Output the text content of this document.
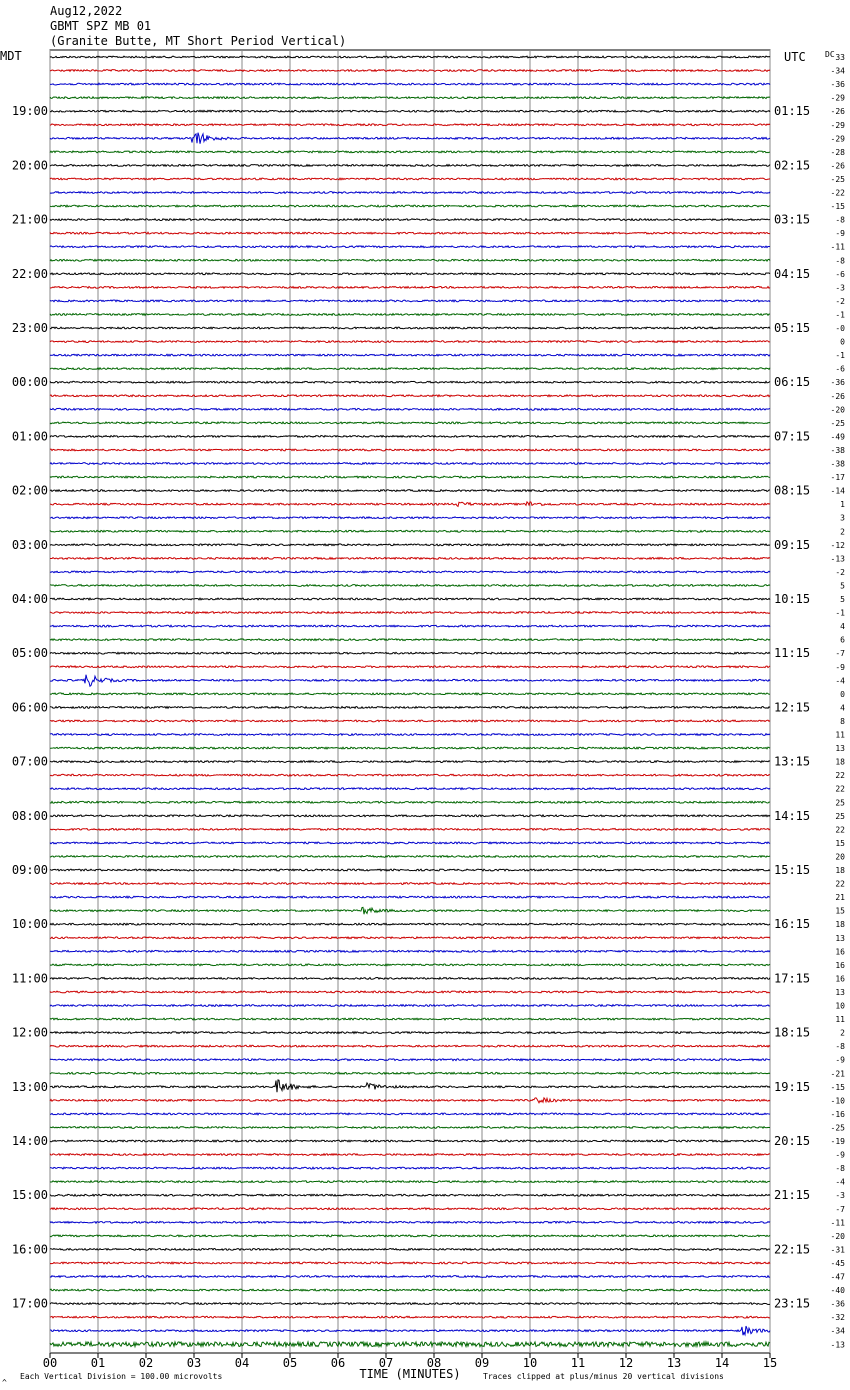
Aug12,2022
GBMT SPZ MB 01
(Granite Butte, MT Short Period Vertical)
33
-34
-36
-29
-26
-29
-29
-28
-26
-25
-22
-15
-8
-9
-11
-8
-6
-3
-2
-1
-0
0
-1
-6
-36
-26
-20
-25
-49
-38
-38
-17
-14
1
3
2
-12
-13
-2
5
5
-1
4
6
-7
-9
-4
0
4
8
11
13
18
22
22
25
25
22
15
20
18
22
21
15
18
13
16
16
16
13
10
11
2
-8
-9
-21
-15
-10
-16
-25
-19
-9
-8
-4
-3
-7
-11
-20
-31
-45
-47
-40
-36
-32
-34
-13
19:00
20:00
21:00
22:00
23:00
00:00
01:00
02:00
03:00
04:00
05:00
06:00
07:00
08:00
09:00
10:00
11:00
12:00
13:00
14:00
15:00
16:00
17:00
01:15
02:15
03:15
04:15
05:15
06:15
07:15
08:15
09:15
10:15
11:15
12:15
13:15
14:15
15:15
16:15
17:15
18:15
19:15
20:15
21:15
22:15
23:15
MDT	UTC DC
00	01	02	03	04	05	06	07	08	09	10	11	12	13	14	15
TIME (MINUTES)
Each Vertical Division = 100.00 microvolts	Traces clipped at plus/minus 20 vertical divisions
^
